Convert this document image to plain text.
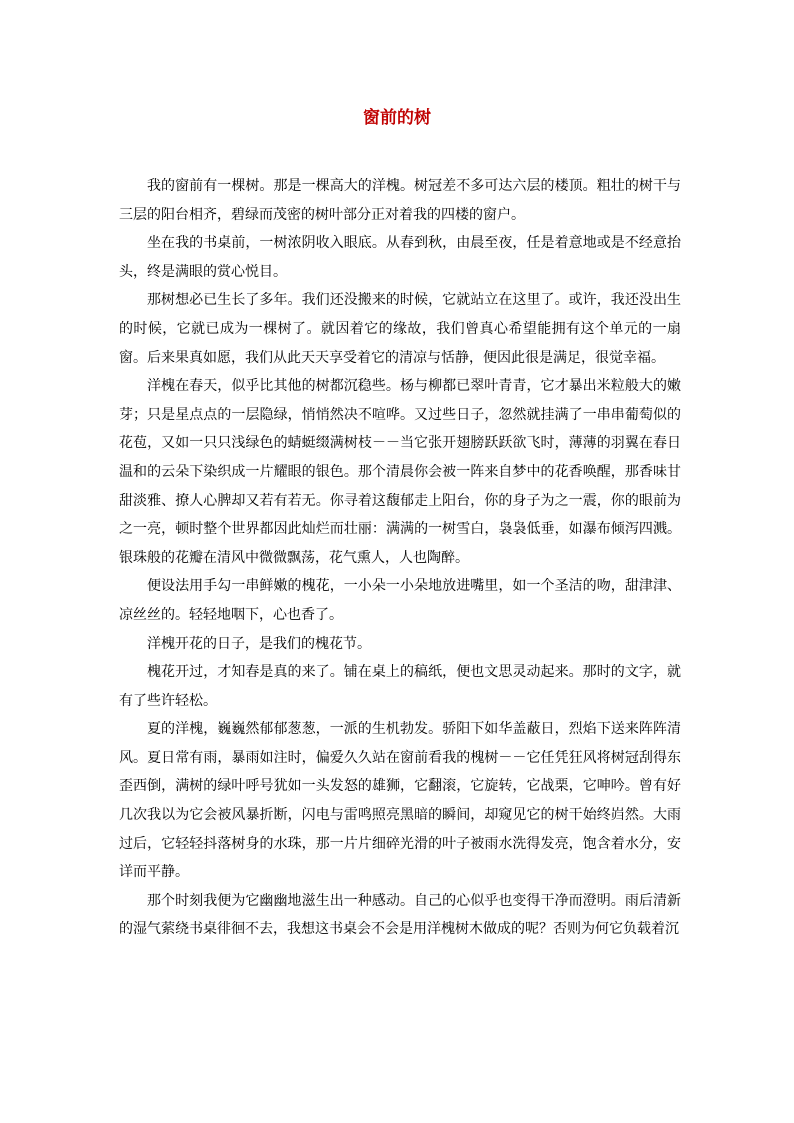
窗前的树

我的窗前有一棵树。那是一棵高大的洋槐。树冠差不多可达六层的楼顶。粗壮的树干与三层的阳台相齐，碧绿而茂密的树叶部分正对着我的四楼的窗户。

坐在我的书桌前，一树浓阴收入眼底。从春到秋，由晨至夜，任是着意地或是不经意抬头，终是满眼的赏心悦目。

那树想必已生长了多年。我们还没搬来的时候，它就站立在这里了。或许，我还没出生的时候，它就已成为一棵树了。就因着它的缘故，我们曾真心希望能拥有这个单元的一扇窗。后来果真如愿，我们从此天天享受着它的清凉与恬静，便因此很是满足，很觉幸福。

洋槐在春天，似乎比其他的树都沉稳些。杨与柳都已翠叶青青，它才暴出米粒般大的嫩芽；只是星点点的一层隐绿，悄悄然决不喧哗。又过些日子，忽然就挂满了一串串葡萄似的花苞，又如一只只浅绿色的蜻蜓缀满树枝－－当它张开翅膀跃跃欲飞时，薄薄的羽翼在春日温和的云朵下染织成一片耀眼的银色。那个清晨你会被一阵来自梦中的花香唤醒，那香味甘甜淡雅、撩人心脾却又若有若无。你寻着这馥郁走上阳台，你的身子为之一震，你的眼前为之一亮，顿时整个世界都因此灿烂而壮丽：满满的一树雪白，袅袅低垂，如瀑布倾泻四溅。银珠般的花瓣在清风中微微飘荡，花气熏人，人也陶醉。

便设法用手勾一串鲜嫩的槐花，一小朵一小朵地放进嘴里，如一个圣洁的吻，甜津津、凉丝丝的。轻轻地咽下，心也香了。

洋槐开花的日子，是我们的槐花节。

槐花开过，才知春是真的来了。铺在桌上的稿纸，便也文思灵动起来。那时的文字，就有了些许轻松。

夏的洋槐，巍巍然郁郁葱葱，一派的生机勃发。骄阳下如华盖蔽日，烈焰下送来阵阵清风。夏日常有雨，暴雨如注时，偏爱久久站在窗前看我的槐树－－它任凭狂风将树冠刮得东歪西倒，满树的绿叶呼号犹如一头发怒的雄狮，它翻滚，它旋转，它战栗，它呻吟。曾有好几次我以为它会被风暴折断，闪电与雷鸣照亮黑暗的瞬间，却窥见它的树干始终岿然。大雨过后，它轻轻抖落树身的水珠，那一片片细碎光滑的叶子被雨水洗得发亮，饱含着水分，安详而平静。

那个时刻我便为它幽幽地滋生出一种感动。自己的心似乎也变得干净而澄明。雨后清新的湿气萦绕书桌徘徊不去，我想这书桌会不会是用洋槐树木做成的呢？否则为何它负载着沉
